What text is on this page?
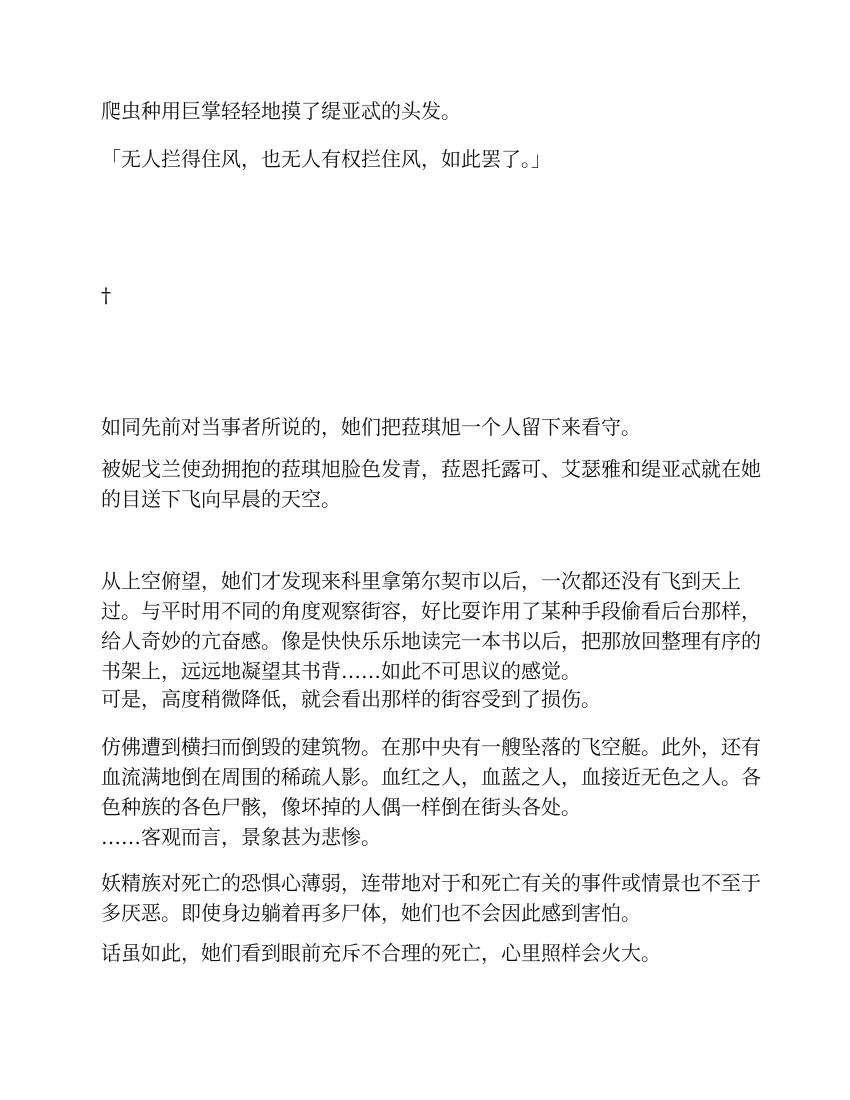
爬虫种用巨掌轻轻地摸了缇亚忒的头发。

「无人拦得住风，也无人有权拦住风，如此罢了。」

†

如同先前对当事者所说的，她们把菈琪旭一个人留下来看守。

被妮戈兰使劲拥抱的菈琪旭脸色发青，菈恩托露可、艾瑟雅和缇亚忒就在她的目送下飞向早晨的天空。

从上空俯望，她们才发现来科里拿第尔契市以后，一次都还没有飞到天上过。与平时用不同的角度观察街容，好比耍诈用了某种手段偷看后台那样，给人奇妙的亢奋感。像是快快乐乐地读完一本书以后，把那放回整理有序的书架上，远远地凝望其书背……如此不可思议的感觉。

可是，高度稍微降低，就会看出那样的街容受到了损伤。

仿佛遭到横扫而倒毁的建筑物。在那中央有一艘坠落的飞空艇。此外，还有血流满地倒在周围的稀疏人影。血红之人，血蓝之人，血接近无色之人。各色种族的各色尸骸，像坏掉的人偶一样倒在街头各处。

……客观而言，景象甚为悲惨。

妖精族对死亡的恐惧心薄弱，连带地对于和死亡有关的事件或情景也不至于多厌恶。即使身边躺着再多尸体，她们也不会因此感到害怕。

话虽如此，她们看到眼前充斥不合理的死亡，心里照样会火大。
